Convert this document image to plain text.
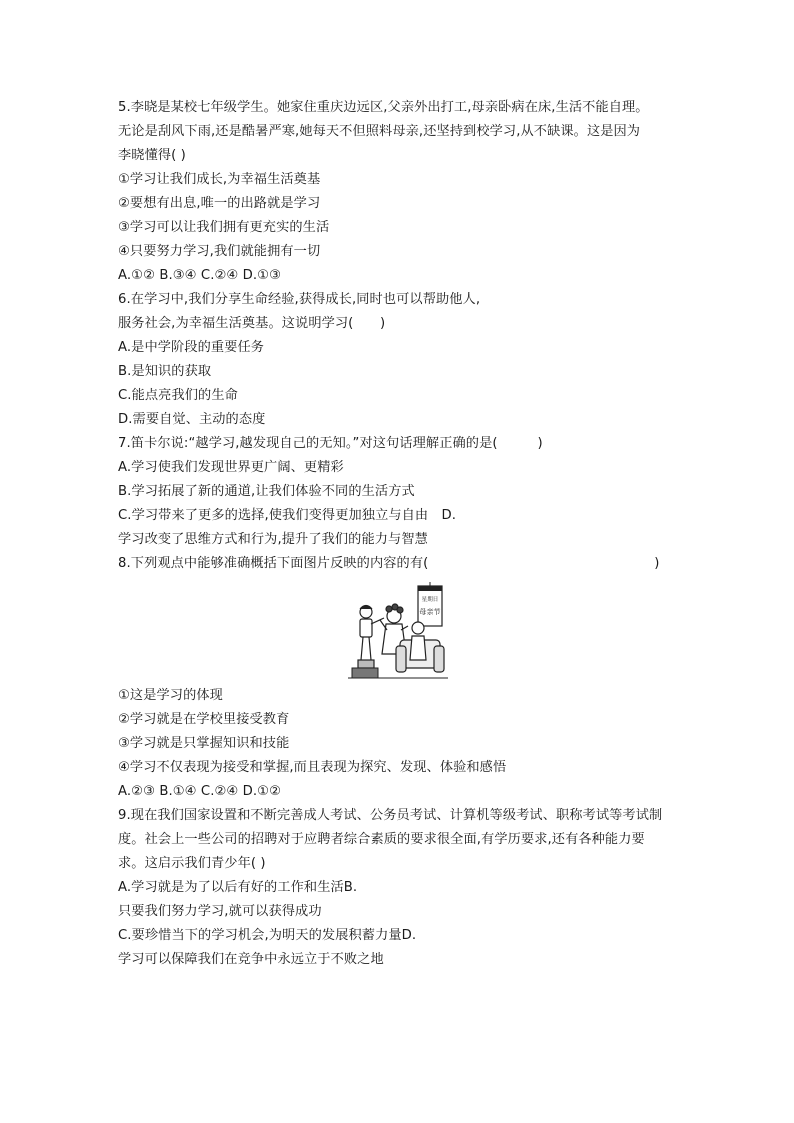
5.李晓是某校七年级学生。她家住重庆边远区,父亲外出打工,母亲卧病在床,生活不能自理。
无论是刮风下雨,还是酷暑严寒,她每天不但照料母亲,还坚持到校学习,从不缺课。这是因为
李晓懂得( )
①学习让我们成长,为幸福生活奠基
②要想有出息,唯一的出路就是学习
③学习可以让我们拥有更充实的生活
④只要努力学习,我们就能拥有一切
A.①② B.③④ C.②④ D.①③
6.在学习中,我们分享生命经验,获得成长,同时也可以帮助他人,
服务社会,为幸福生活奠基。这说明学习(　　)
A.是中学阶段的重要任务
B.是知识的获取
C.能点亮我们的生命
D.需要自觉、主动的态度
7.笛卡尔说:“越学习,越发现自己的无知。”对这句话理解正确的是(　　　)
A.学习使我们发现世界更广阔、更精彩
B.学习拓展了新的通道,让我们体验不同的生活方式
C.学习带来了更多的选择,使我们变得更加独立与自由　D.
学习改变了思维方式和行为,提升了我们的能力与智慧
8.下列观点中能够准确概括下面图片反映的内容的有(　　　　　　　　　　　　　　　　　)
星期日
母亲节
①这是学习的体现
②学习就是在学校里接受教育
③学习就是只掌握知识和技能
④学习不仅表现为接受和掌握,而且表现为探究、发现、体验和感悟
A.②③ B.①④ C.②④ D.①②
9.现在我们国家设置和不断完善成人考试、公务员考试、计算机等级考试、职称考试等考试制
度。社会上一些公司的招聘对于应聘者综合素质的要求很全面,有学历要求,还有各种能力要
求。这启示我们青少年( )
A.学习就是为了以后有好的工作和生活B.
只要我们努力学习,就可以获得成功
C.要珍惜当下的学习机会,为明天的发展积蓄力量D.
学习可以保障我们在竞争中永远立于不败之地
